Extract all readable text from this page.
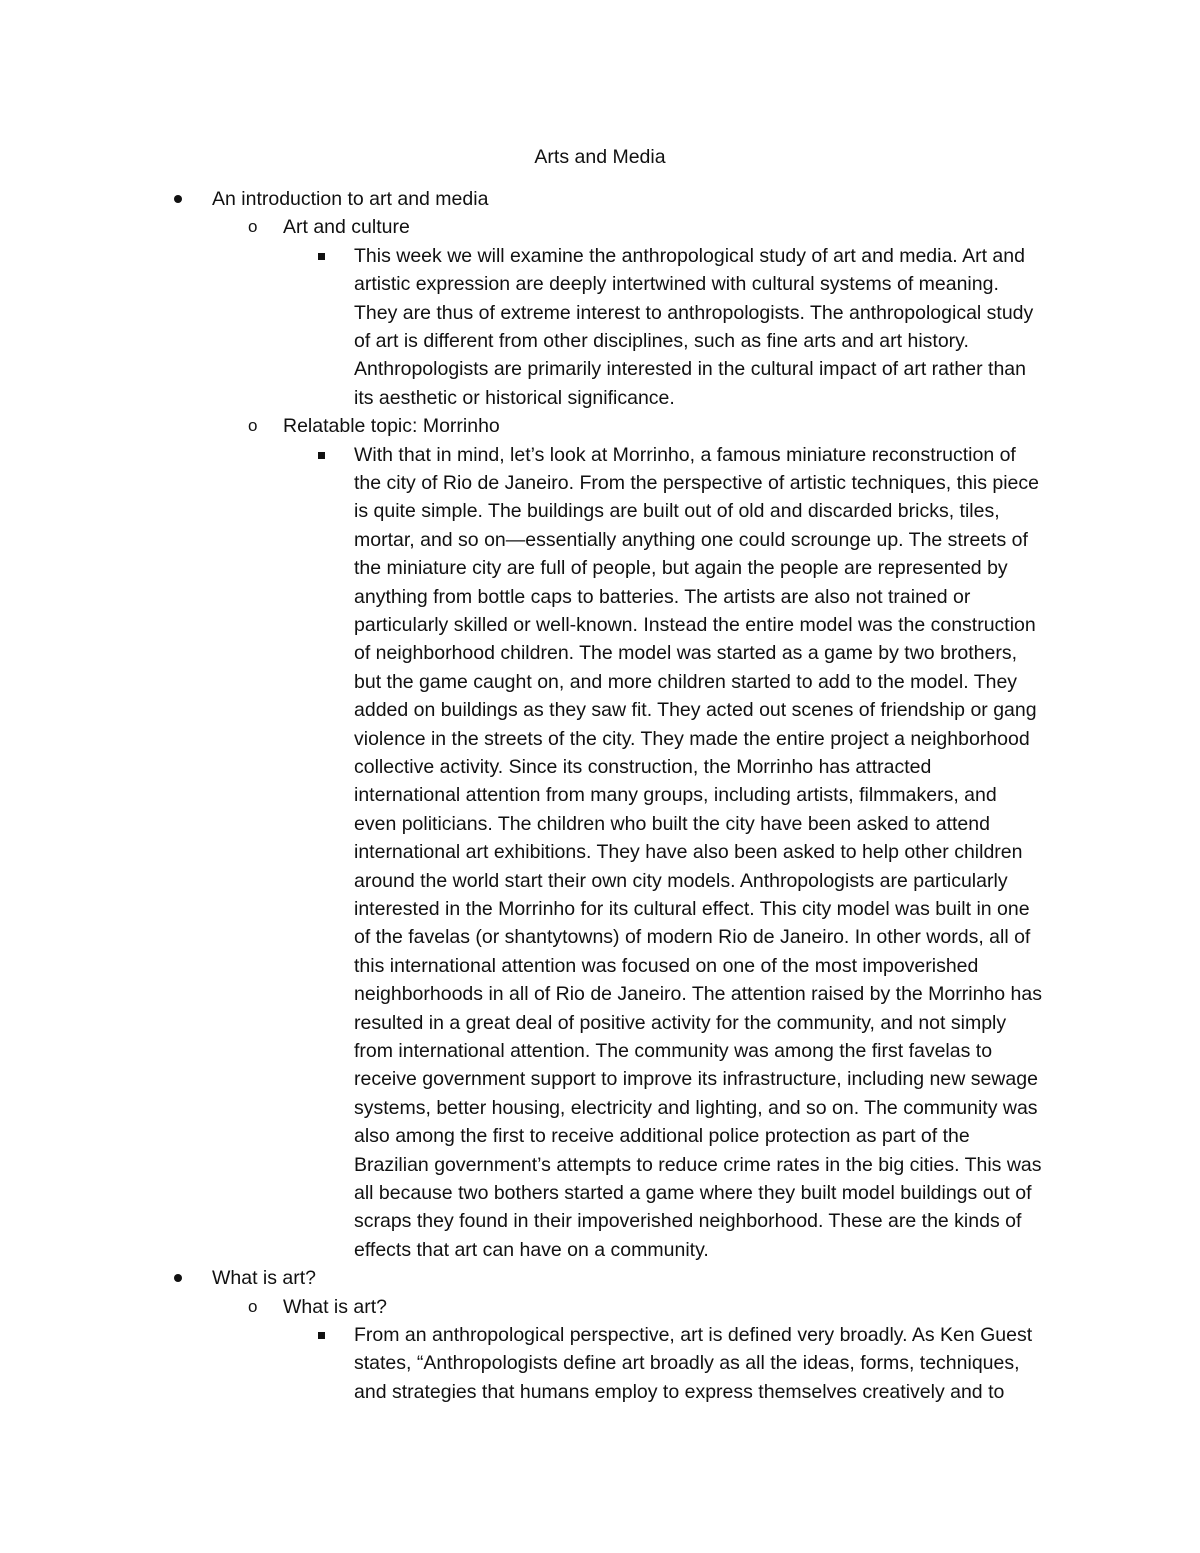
Arts and Media
An introduction to art and media
o Art and culture
This week we will examine the anthropological study of art and media. Art and
artistic expression are deeply intertwined with cultural systems of meaning.
They are thus of extreme interest to anthropologists. The anthropological study
of art is different from other disciplines, such as fine arts and art history.
Anthropologists are primarily interested in the cultural impact of art rather than
its aesthetic or historical significance.
o Relatable topic: Morrinho
With that in mind, let’s look at Morrinho, a famous miniature reconstruction of
the city of Rio de Janeiro. From the perspective of artistic techniques, this piece
is quite simple. The buildings are built out of old and discarded bricks, tiles,
mortar, and so on—essentially anything one could scrounge up. The streets of
the miniature city are full of people, but again the people are represented by
anything from bottle caps to batteries. The artists are also not trained or
particularly skilled or well-known. Instead the entire model was the construction
of neighborhood children. The model was started as a game by two brothers,
but the game caught on, and more children started to add to the model. They
added on buildings as they saw fit. They acted out scenes of friendship or gang
violence in the streets of the city. They made the entire project a neighborhood
collective activity. Since its construction, the Morrinho has attracted
international attention from many groups, including artists, filmmakers, and
even politicians. The children who built the city have been asked to attend
international art exhibitions. They have also been asked to help other children
around the world start their own city models. Anthropologists are particularly
interested in the Morrinho for its cultural effect. This city model was built in one
of the favelas (or shantytowns) of modern Rio de Janeiro. In other words, all of
this international attention was focused on one of the most impoverished
neighborhoods in all of Rio de Janeiro. The attention raised by the Morrinho has
resulted in a great deal of positive activity for the community, and not simply
from international attention. The community was among the first favelas to
receive government support to improve its infrastructure, including new sewage
systems, better housing, electricity and lighting, and so on. The community was
also among the first to receive additional police protection as part of the
Brazilian government’s attempts to reduce crime rates in the big cities. This was
all because two bothers started a game where they built model buildings out of
scraps they found in their impoverished neighborhood. These are the kinds of
effects that art can have on a community.
What is art?
o What is art?
From an anthropological perspective, art is defined very broadly. As Ken Guest
states, “Anthropologists define art broadly as all the ideas, forms, techniques,
and strategies that humans employ to express themselves creatively and to
